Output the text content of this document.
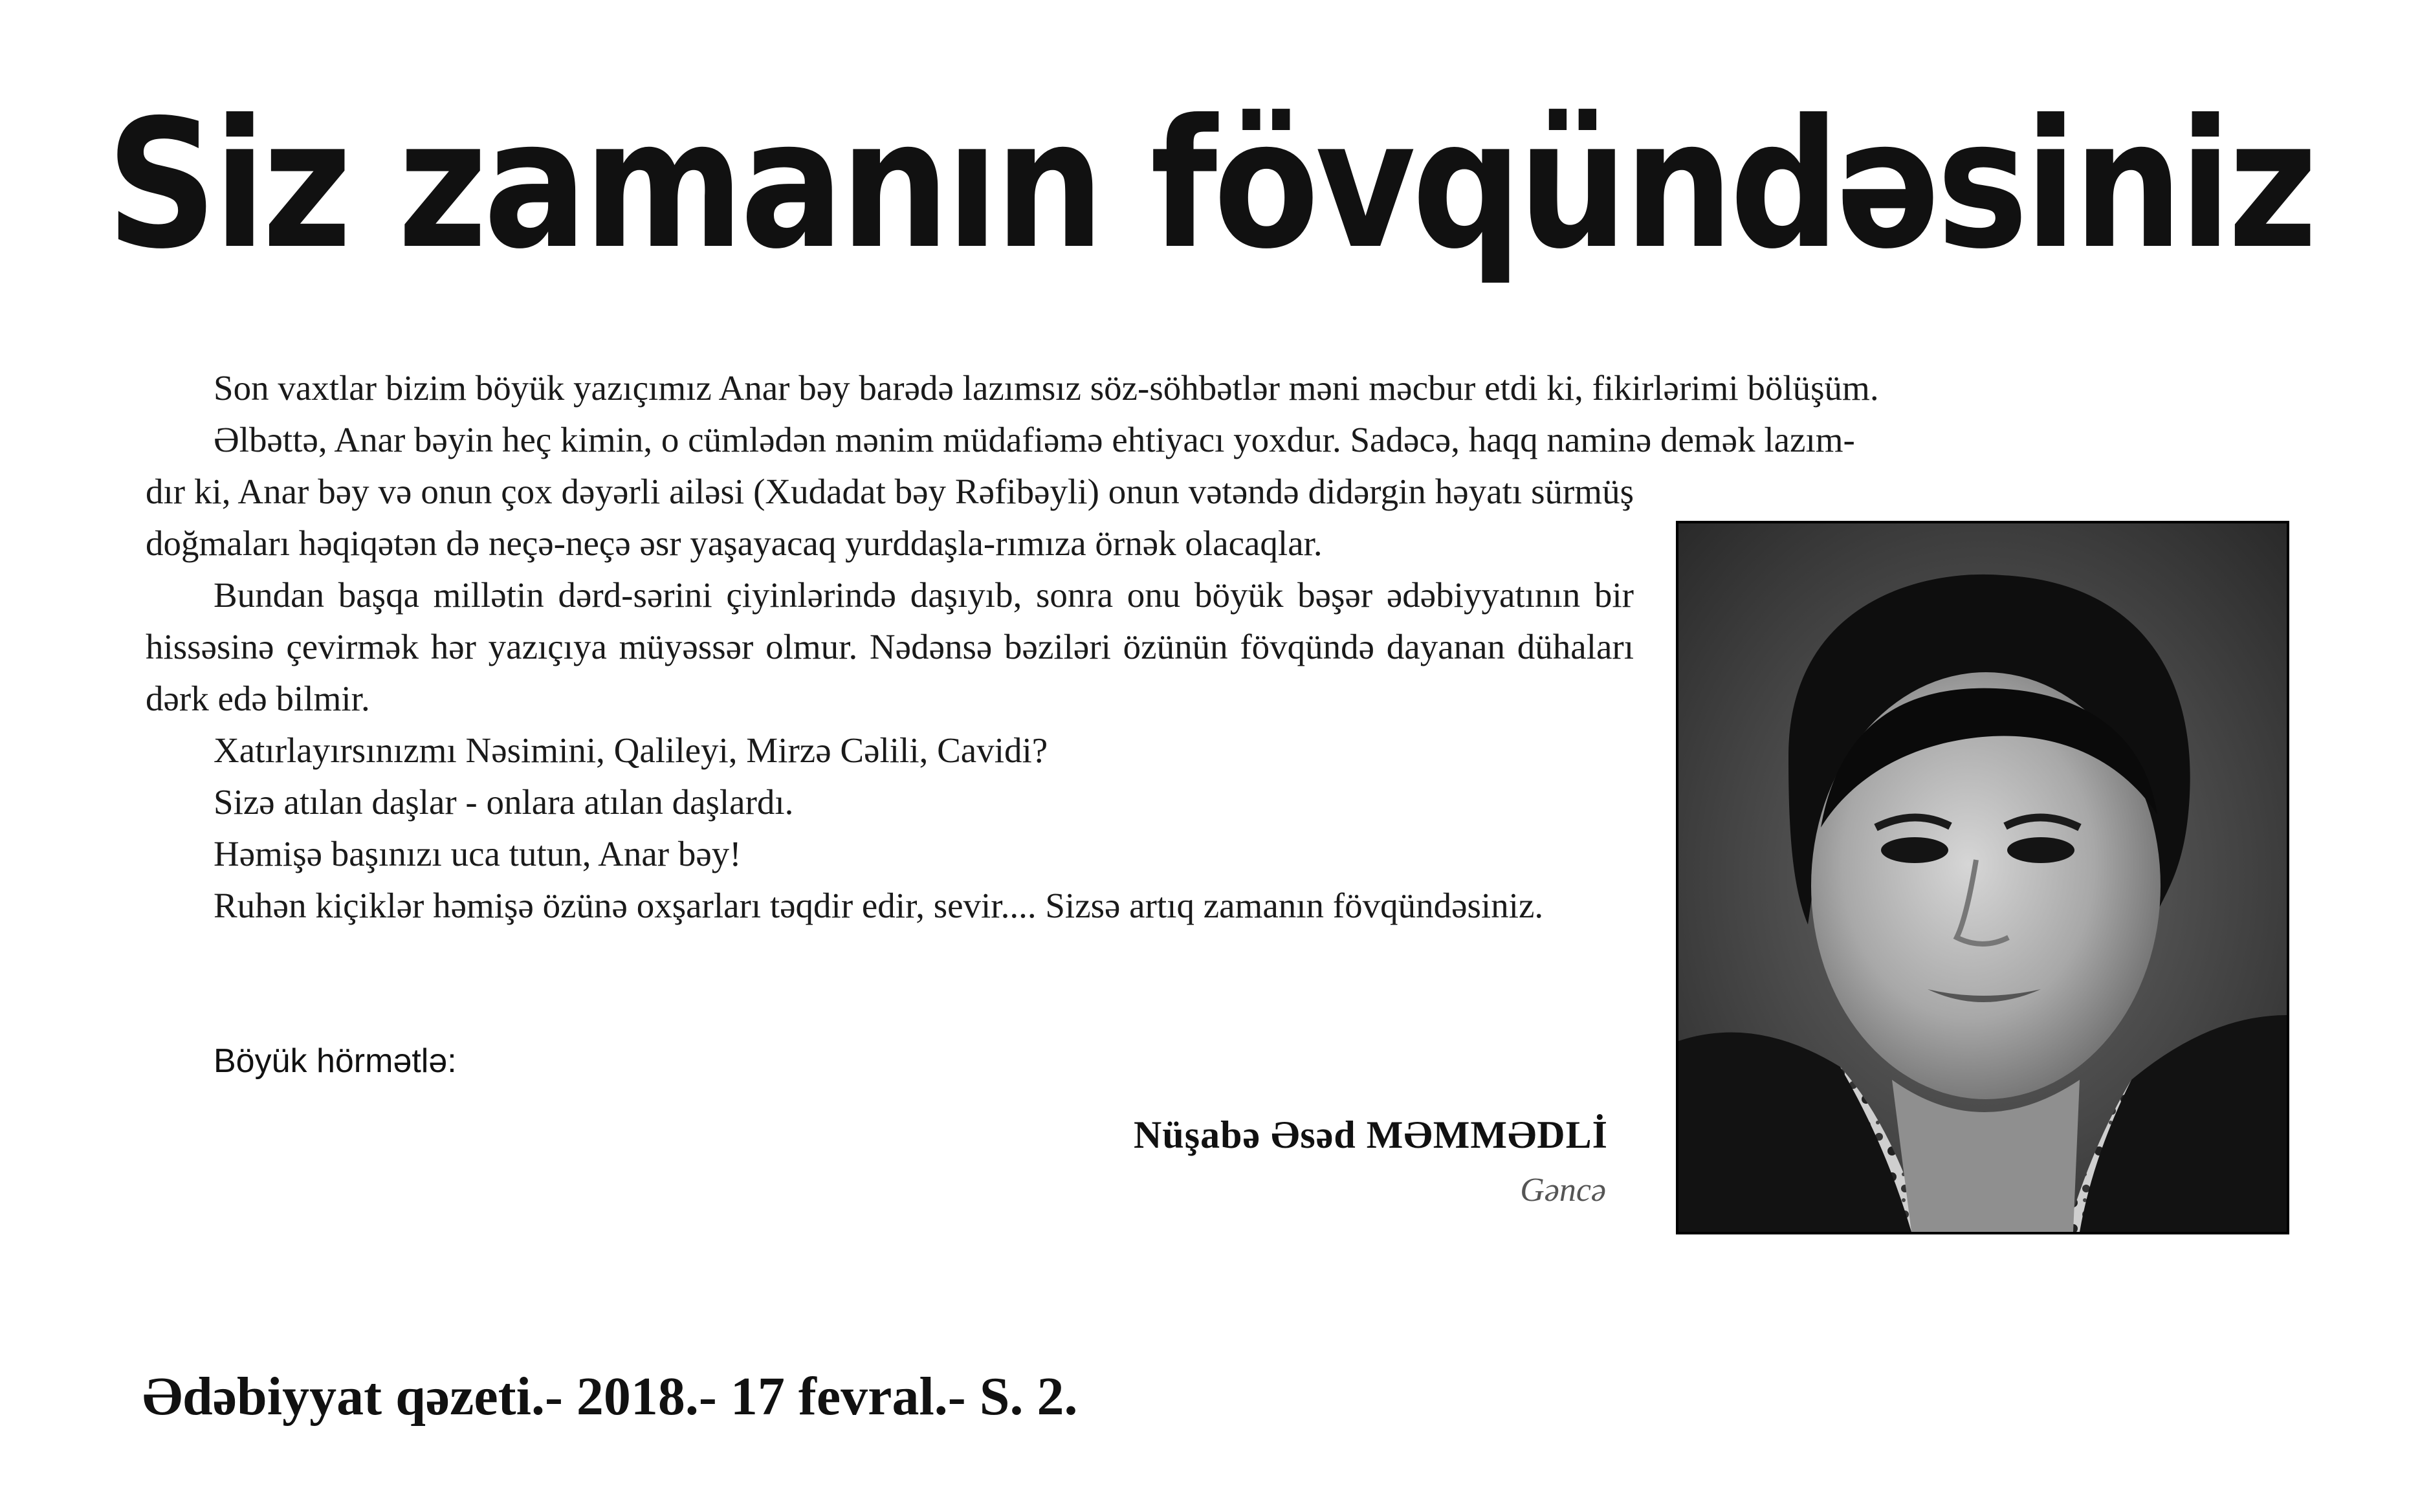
Siz zamanın fövqündəsiniz

Son vaxtlar bizim böyük yazıçımız Anar bəy barədə lazımsız söz-söhbətlər məni məcbur etdi ki, fikirlərimi bölüşüm.

Əlbəttə, Anar bəyin heç kimin, o cümlədən mənim müdafiəmə ehtiyacı yoxdur. Sadəcə, haqq naminə demək lazım-

dır ki, Anar bəy və onun çox dəyərli ailəsi (Xudadat bəy Rəfibəyli) onun vətəndə didərgin həyatı sürmüş doğmaları həqiqətən də neçə-neçə əsr yaşayacaq yurddaşla-rımıza örnək olacaqlar.

Bundan başqa millətin dərd-sərini çiyinlərində daşıyıb, sonra onu böyük bəşər ədəbiyyatının bir hissəsinə çevirmək hər yazıçıya müyəssər olmur. Nədənsə bəziləri özünün fövqündə dayanan dühaları dərk edə bilmir.

Xatırlayırsınızmı Nəsimini, Qalileyi, Mirzə Cəlili, Cavidi?

Sizə atılan daşlar - onlara atılan daşlardı.

Həmişə başınızı uca tutun, Anar bəy!

Ruhən kiçiklər həmişə özünə oxşarları təqdir edir, sevir.... Sizsə artıq zamanın fövqündəsiniz.

Böyük hörmətlə:
Nüşabə Əsəd MƏMMƏDLİ
Gəncə
Ədəbiyyat qəzeti.- 2018.- 17 fevral.- S. 2.
